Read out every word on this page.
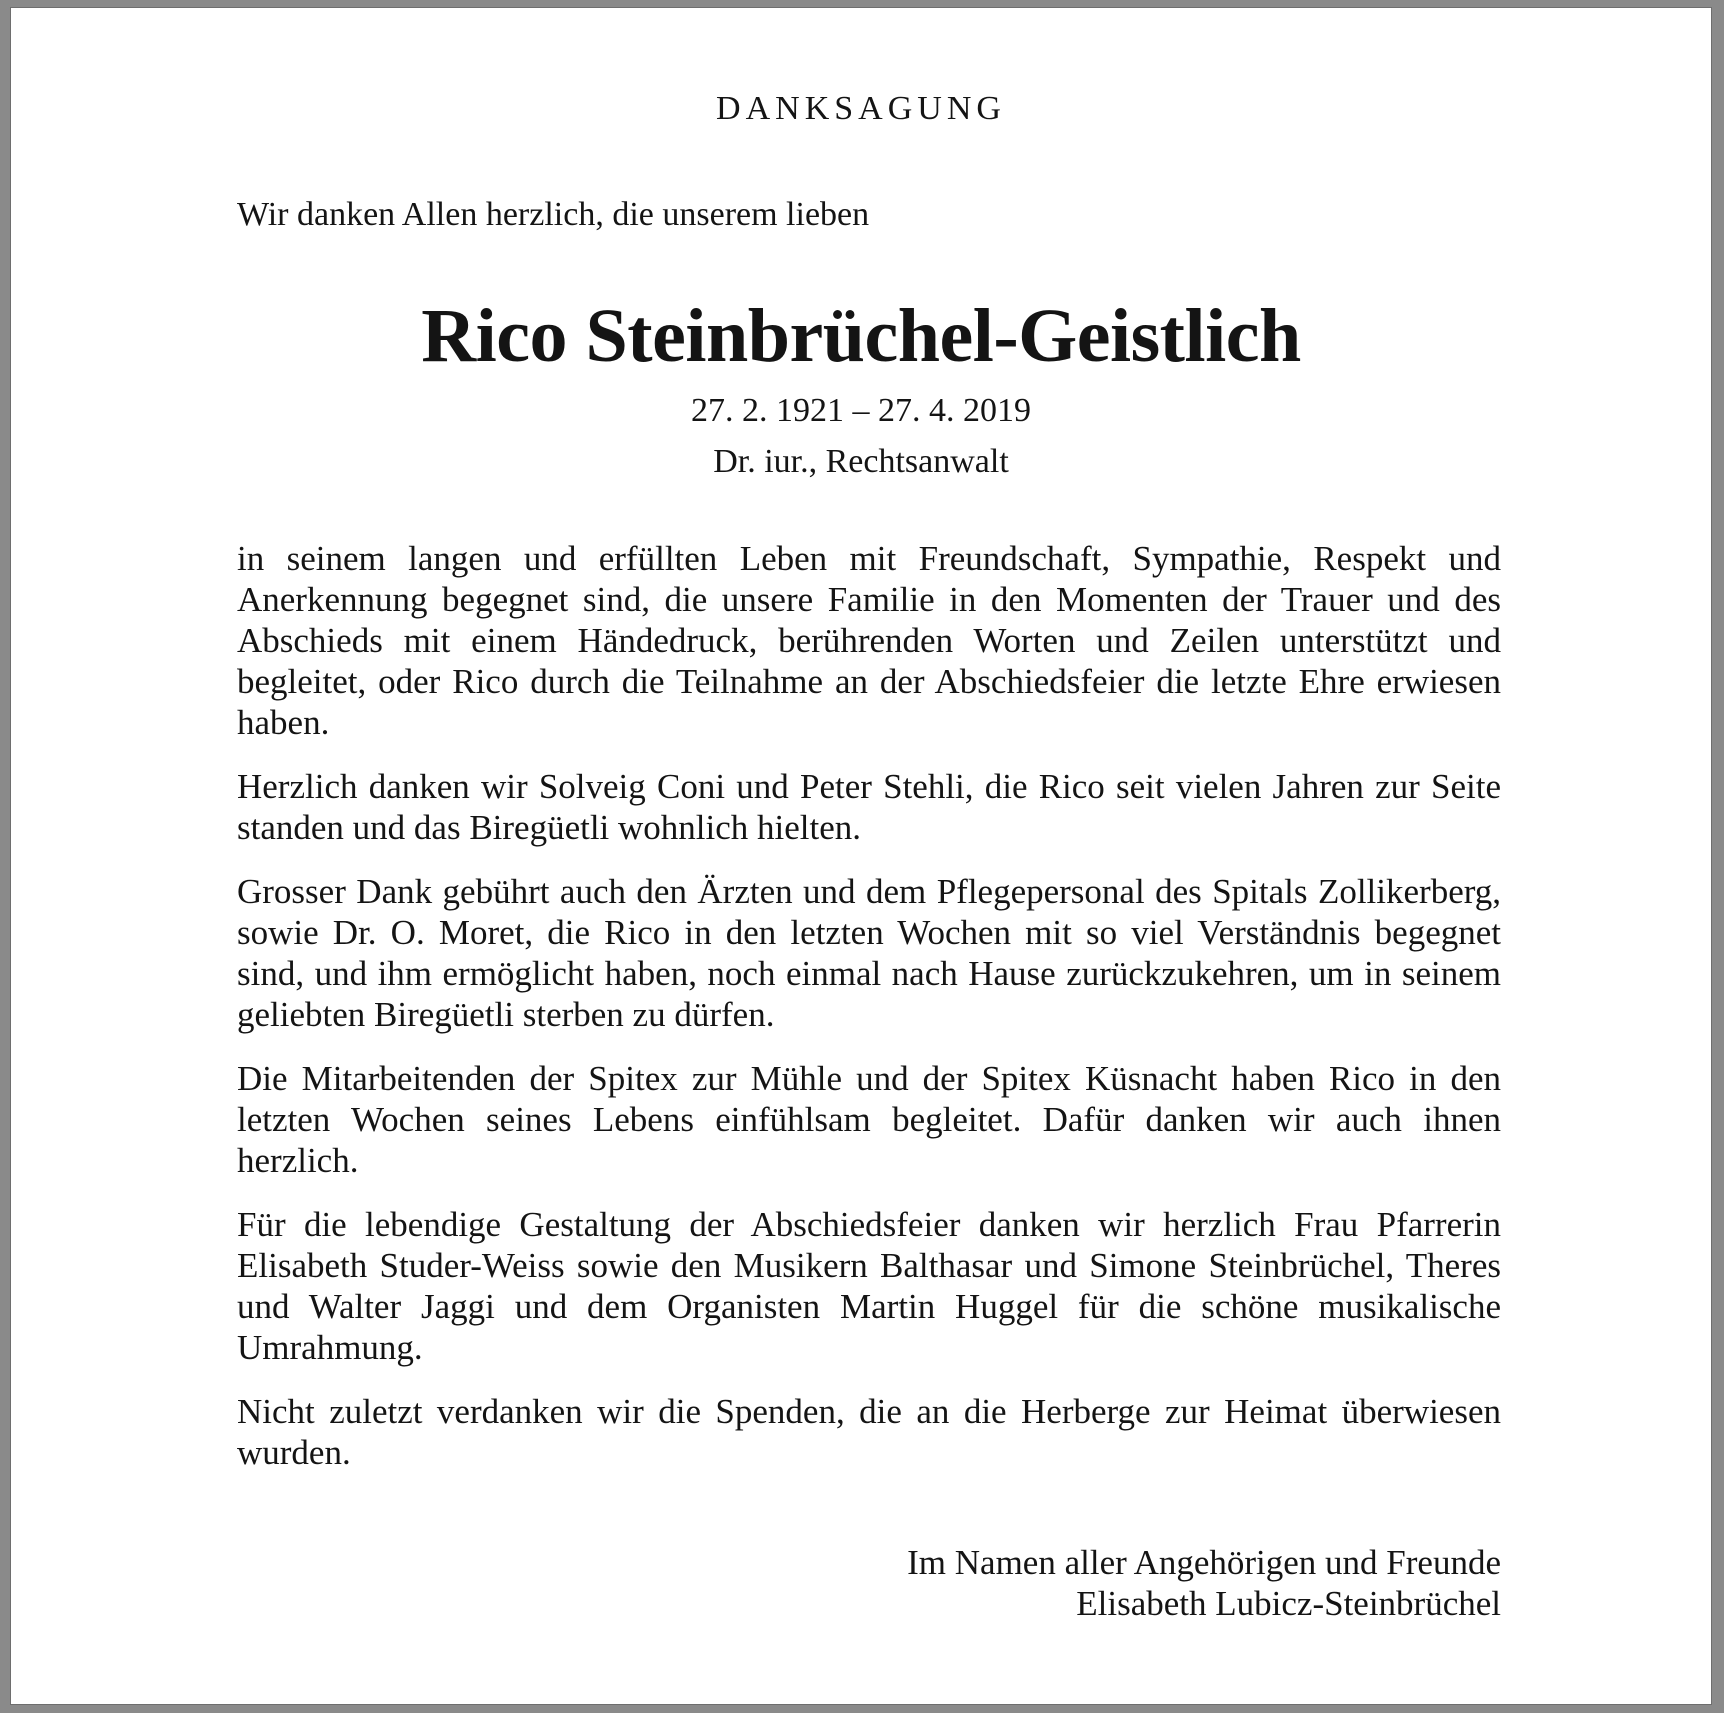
DANKSAGUNG
Wir danken Allen herzlich, die unserem lieben
Rico Steinbrüchel-Geistlich
27. 2. 1921 – 27. 4. 2019
Dr. iur., Rechtsanwalt

in seinem langen und erfüllten Leben mit Freundschaft, Sympathie, Respekt und Anerkennung begegnet sind, die unsere Familie in den Momenten der Trauer und des Abschieds mit einem Händedruck, berührenden Worten und Zeilen unterstützt und begleitet, oder Rico durch die Teilnahme an der Abschiedsfeier die letzte Ehre erwiesen haben.

Herzlich danken wir Solveig Coni und Peter Stehli, die Rico seit vielen Jahren zur Seite standen und das Biregüetli wohnlich hielten.

Grosser Dank gebührt auch den Ärzten und dem Pflegepersonal des Spitals Zollikerberg, sowie Dr. O. Moret, die Rico in den letzten Wochen mit so viel Verständnis begegnet sind, und ihm ermöglicht haben, noch einmal nach Hause zurückzukehren, um in seinem geliebten Biregüetli sterben zu dürfen.

Die Mitarbeitenden der Spitex zur Mühle und der Spitex Küsnacht haben Rico in den letzten Wochen seines Lebens einfühlsam begleitet. Dafür danken wir auch ihnen herzlich.

Für die lebendige Gestaltung der Abschiedsfeier danken wir herzlich Frau Pfarrerin Elisabeth Studer-Weiss sowie den Musikern Balthasar und Simone Steinbrüchel, Theres und Walter Jaggi und dem Organisten Martin Huggel für die schöne musikalische Umrahmung.

Nicht zuletzt verdanken wir die Spenden, die an die Herberge zur Heimat überwiesen wurden.

Im Namen aller Angehörigen und Freunde
Elisabeth Lubicz-Steinbrüchel
